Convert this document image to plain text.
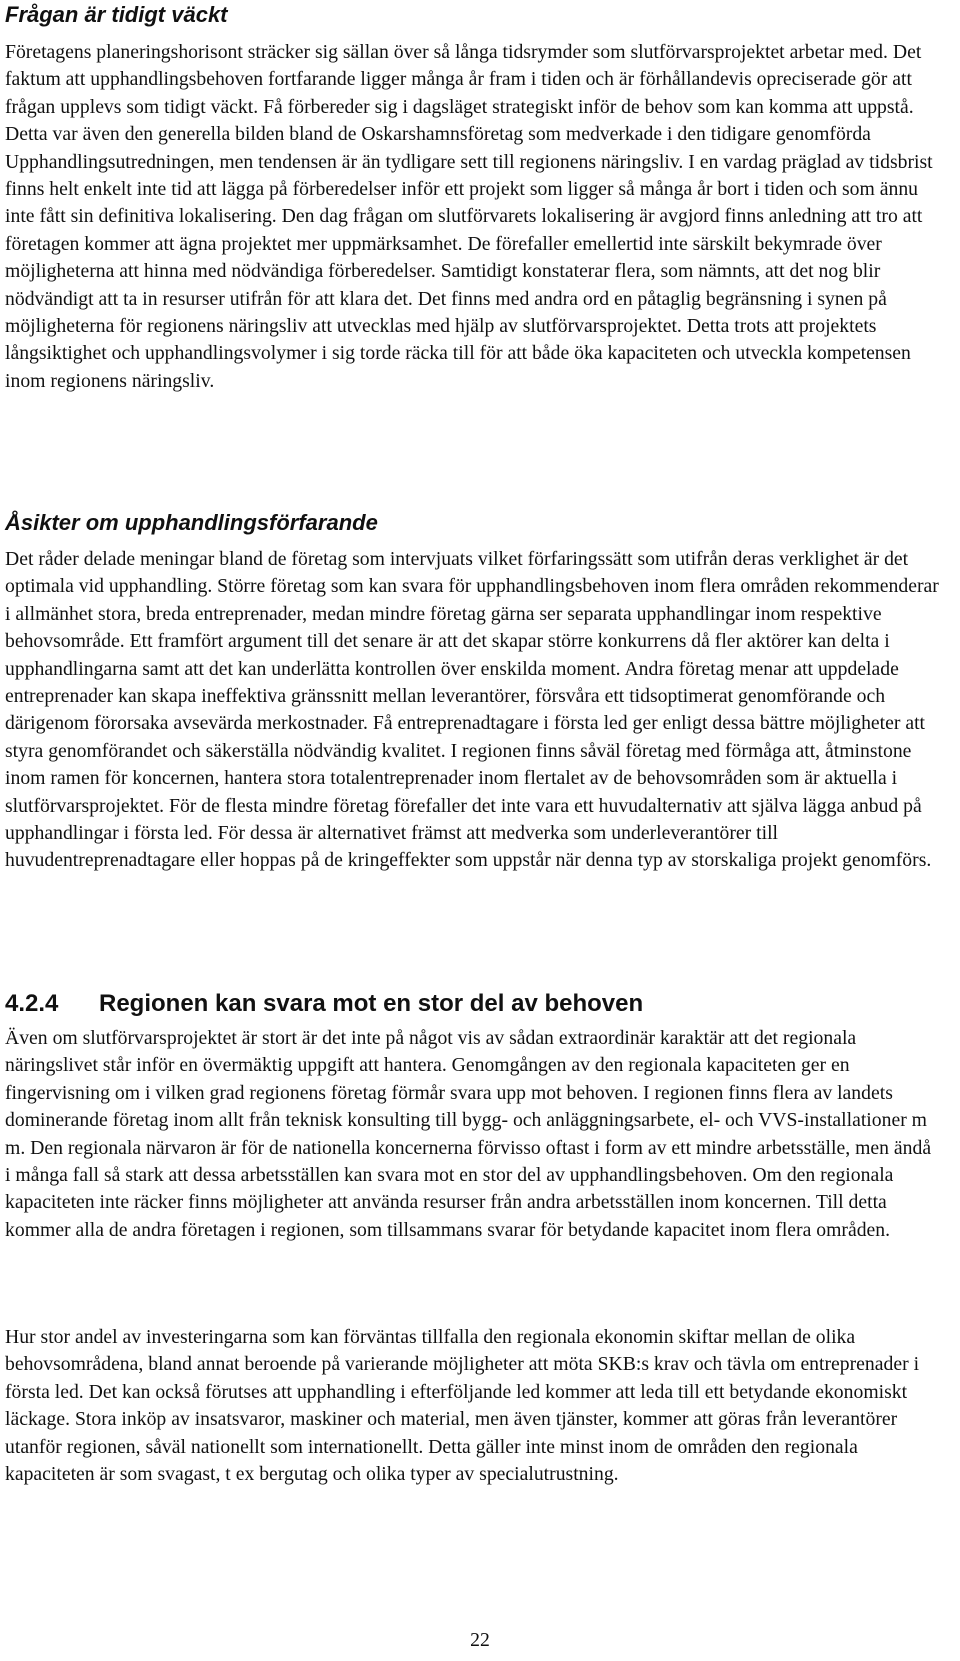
Frågan är tidigt väckt

Företagens planeringshorisont sträcker sig sällan över så långa tidsrymder som slutförvarsprojektet arbetar med. Det faktum att upphandlingsbehoven fortfarande ligger många år fram i tiden och är förhållandevis opreciserade gör att frågan upplevs som tidigt väckt. Få förbereder sig i dagsläget strategiskt inför de behov som kan komma att uppstå. Detta var även den generella bilden bland de Oskarshamnsföretag som medverkade i den tidigare genomförda Upphandlingsutredningen, men tendensen är än tydligare sett till regionens näringsliv. I en vardag präglad av tidsbrist finns helt enkelt inte tid att lägga på förberedelser inför ett projekt som ligger så många år bort i tiden och som ännu inte fått sin definitiva lokalisering. Den dag frågan om slutförvarets lokalisering är avgjord finns anledning att tro att företagen kommer att ägna projektet mer uppmärksamhet. De förefaller emellertid inte särskilt bekymrade över möjligheterna att hinna med nödvändiga förberedelser. Samtidigt konstaterar flera, som nämnts, att det nog blir nödvändigt att ta in resurser utifrån för att klara det. Det finns med andra ord en påtaglig begränsning i synen på möjligheterna för regionens näringsliv att utvecklas med hjälp av slutförvarsprojektet. Detta trots att projektets långsiktighet och upphandlingsvolymer i sig torde räcka till för att både öka kapaciteten och utveckla kompetensen inom regionens näringsliv.

Åsikter om upphandlingsförfarande

Det råder delade meningar bland de företag som intervjuats vilket förfaringssätt som utifrån deras verklighet är det optimala vid upphandling. Större företag som kan svara för upphandlingsbehoven inom flera områden rekommenderar i allmänhet stora, breda entreprenader, medan mindre företag gärna ser separata upphandlingar inom respektive behovsområde. Ett framfört argument till det senare är att det skapar större konkurrens då fler aktörer kan delta i upphandlingarna samt att det kan underlätta kontrollen över enskilda moment. Andra företag menar att uppdelade entreprenader kan skapa ineffektiva gränssnitt mellan leverantörer, försvåra ett tidsoptimerat genomförande och därigenom förorsaka avsevärda merkostnader. Få entreprenadtagare i första led ger enligt dessa bättre möjligheter att styra genomförandet och säkerställa nödvändig kvalitet. I regionen finns såväl företag med förmåga att, åtminstone inom ramen för koncernen, hantera stora totalentreprenader inom flertalet av de behovsområden som är aktuella i slutförvarsprojektet. För de flesta mindre företag förefaller det inte vara ett huvudalternativ att själva lägga anbud på upphandlingar i första led. För dessa är alternativet främst att medverka som underleverantörer till huvudentreprenadtagare eller hoppas på de kringeffekter som uppstår när denna typ av storskaliga projekt genomförs.

4.2.4	Regionen kan svara mot en stor del av behoven

Även om slutförvarsprojektet är stort är det inte på något vis av sådan extraordinär karaktär att det regionala näringslivet står inför en övermäktig uppgift att hantera. Genomgången av den regionala kapaciteten ger en fingervisning om i vilken grad regionens företag förmår svara upp mot behoven. I regionen finns flera av landets dominerande företag inom allt från teknisk konsulting till bygg- och anläggningsarbete, el- och VVS-installationer m m. Den regionala närvaron är för de nationella koncernerna förvisso oftast i form av ett mindre arbetsställe, men ändå i många fall så stark att dessa arbetsställen kan svara mot en stor del av upphandlingsbehoven. Om den regionala kapaciteten inte räcker finns möjligheter att använda resurser från andra arbetsställen inom koncernen. Till detta kommer alla de andra företagen i regionen, som tillsammans svarar för betydande kapacitet inom flera områden.

Hur stor andel av investeringarna som kan förväntas tillfalla den regionala ekonomin skiftar mellan de olika behovsområdena, bland annat beroende på varierande möjligheter att möta SKB:s krav och tävla om entreprenader i första led. Det kan också förutses att upphandling i efterföljande led kommer att leda till ett betydande ekonomiskt läckage. Stora inköp av insatsvaror, maskiner och material, men även tjänster, kommer att göras från leverantörer utanför regionen, såväl nationellt som internationellt. Detta gäller inte minst inom de områden den regionala kapaciteten är som svagast, t ex bergutag och olika typer av specialutrustning.

22
